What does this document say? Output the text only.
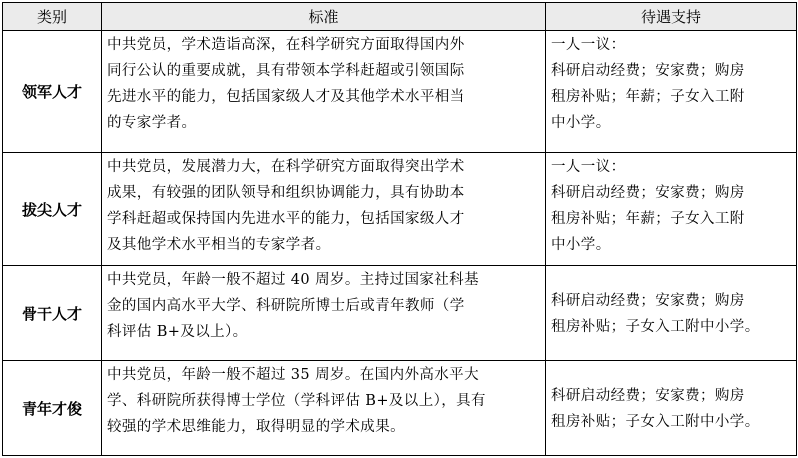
类别	标准	待遇支持
领军人才	中共党员，学术造诣高深，在科学研究方面取得国内外
同行公认的重要成就，具有带领本学科赶超或引领国际
先进水平的能力，包括国家级人才及其他学术水平相当
的专家学者。	一人一议：
科研启动经费；安家费；购房
租房补贴；年薪；子女入工附
中小学。

拔尖人才	中共党员，发展潜力大，在科学研究方面取得突出学术
成果，有较强的团队领导和组织协调能力，具有协助本
学科赶超或保持国内先进水平的能力，包括国家级人才
及其他学术水平相当的专家学者。	一人一议：
科研启动经费；安家费；购房
租房补贴；年薪；子女入工附
中小学。

骨干人才	中共党员，年龄一般不超过 40 周岁。主持过国家社科基
金的国内高水平大学、科研院所博士后或青年教师（学
科评估 B+及以上）。	科研启动经费；安家费；购房
租房补贴；子女入工附中小学。

青年才俊	中共党员，年龄一般不超过 35 周岁。在国内外高水平大
学、科研院所获得博士学位（学科评估 B+及以上），具有
较强的学术思维能力，取得明显的学术成果。	科研启动经费；安家费；购房
租房补贴；子女入工附中小学。
